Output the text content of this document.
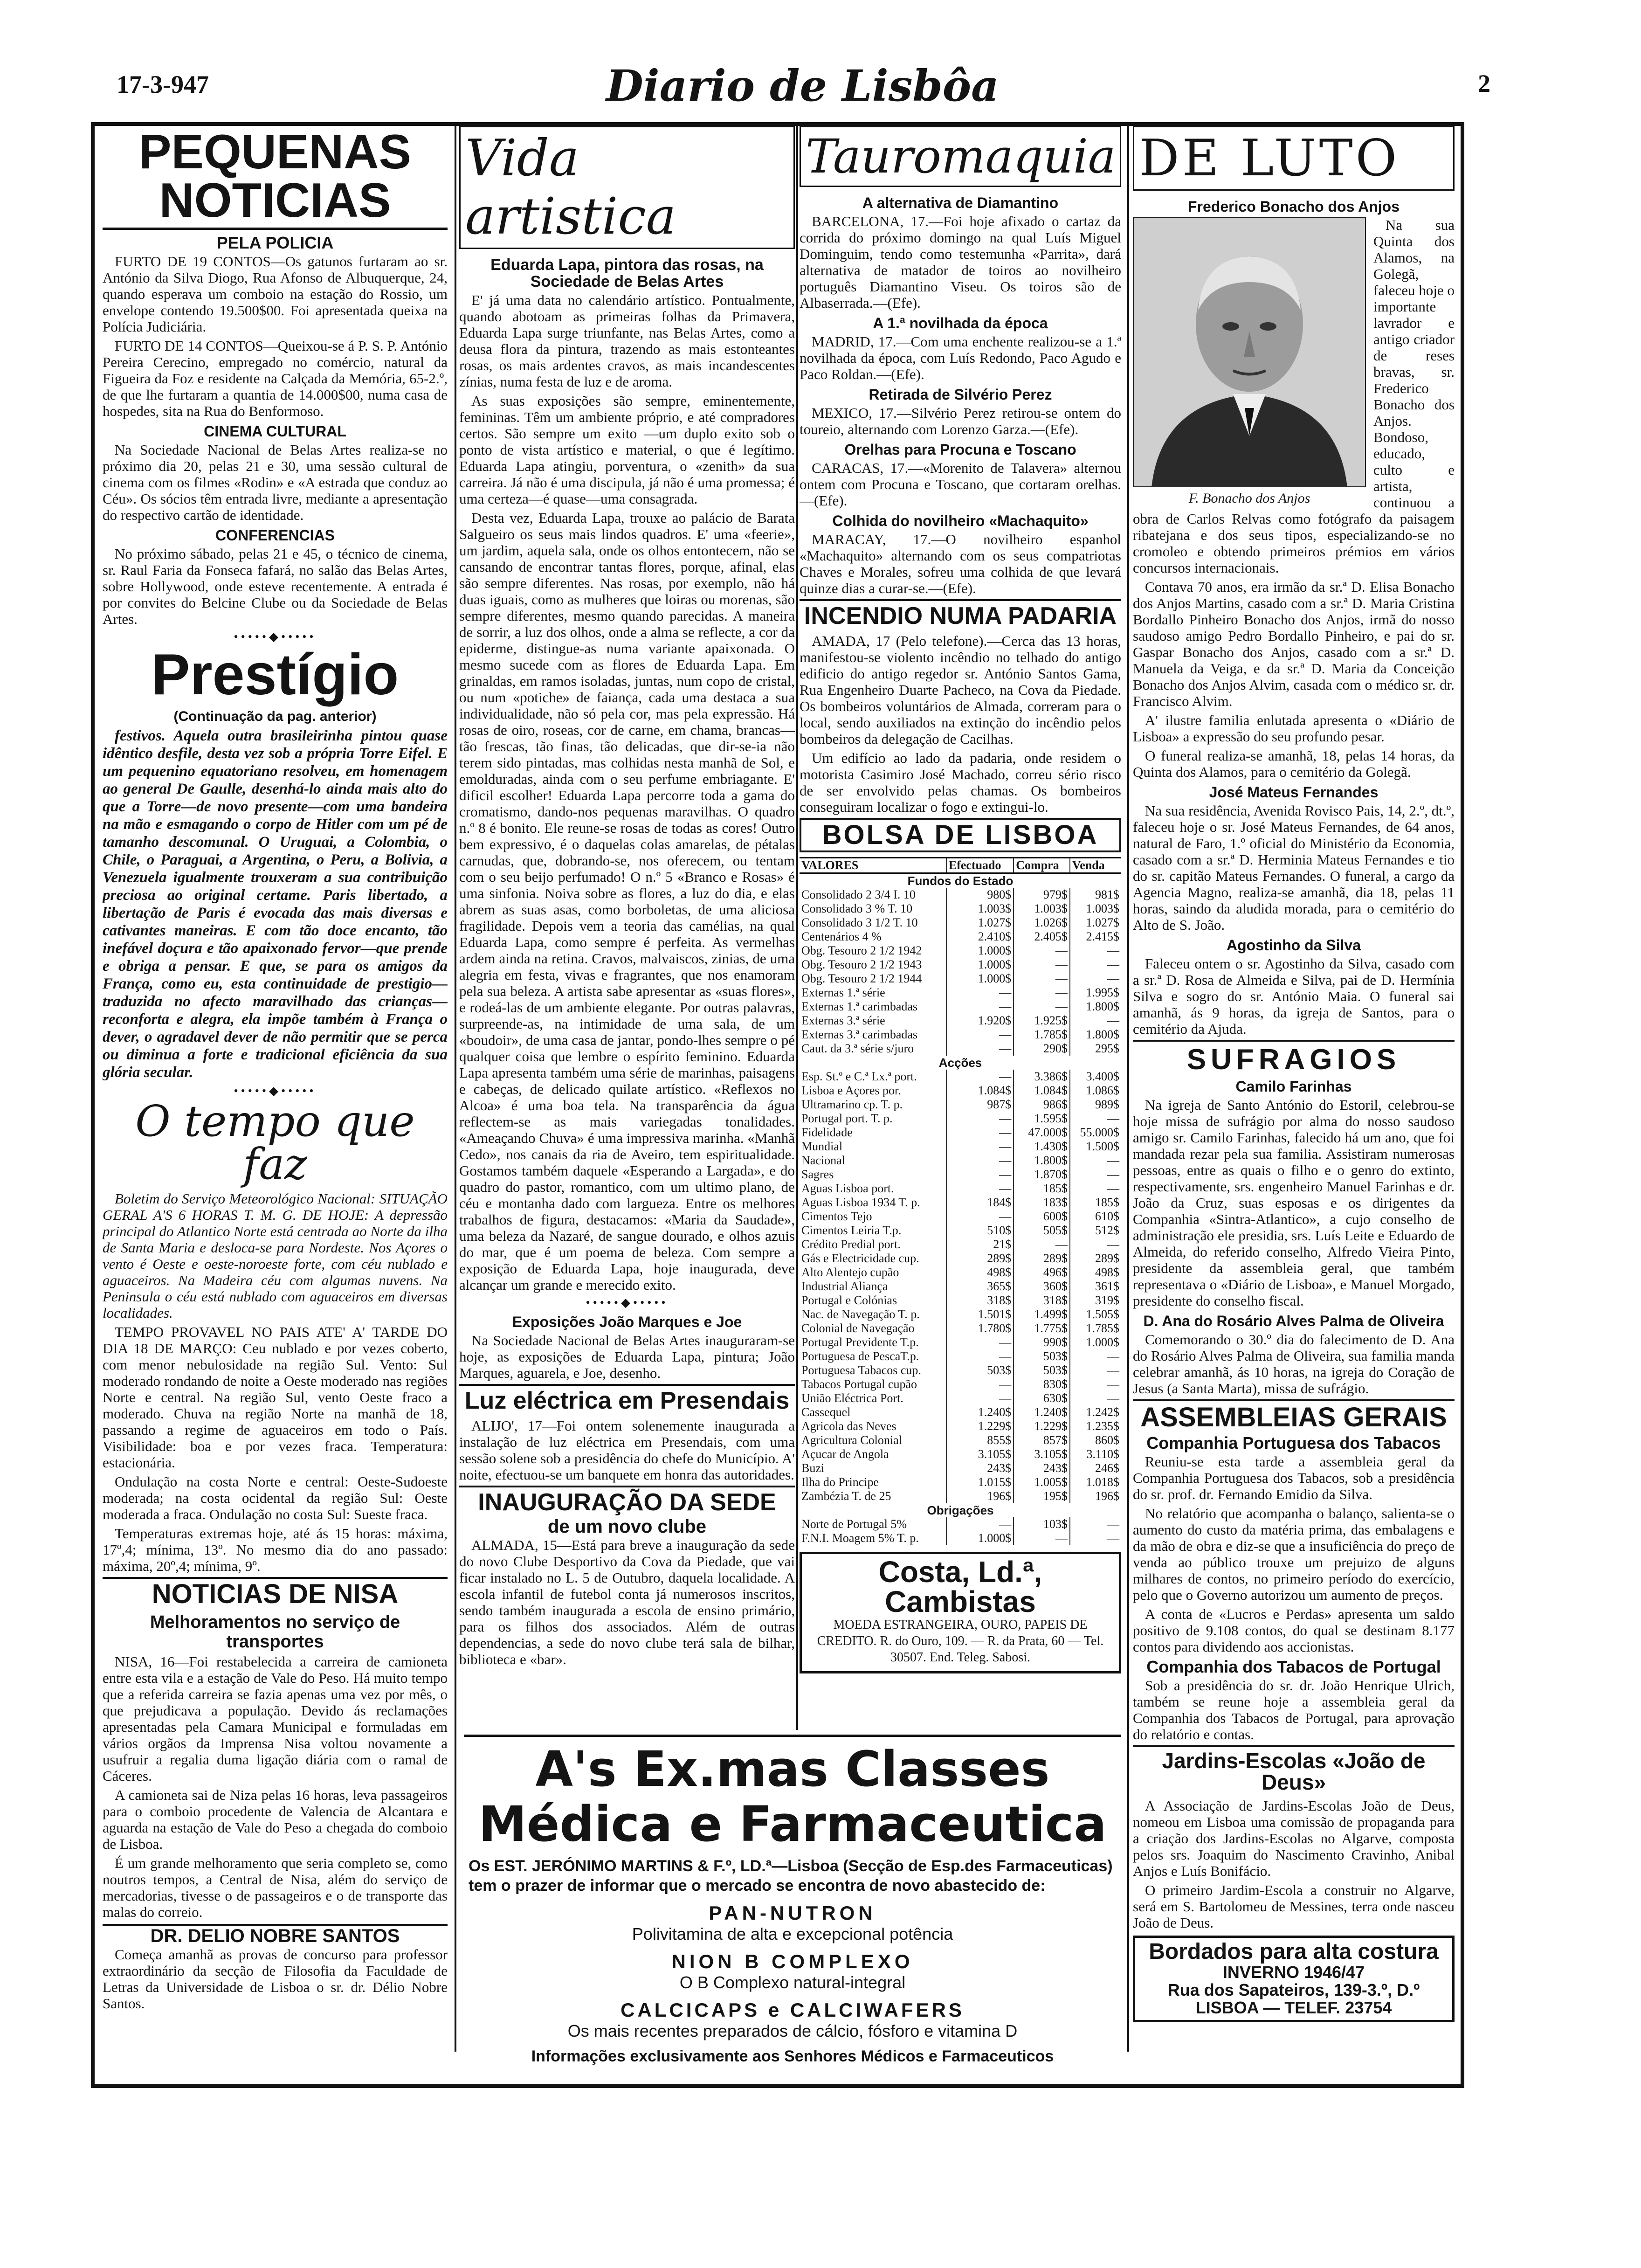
17-3-947	Diario de Lisbôa	2
PEQUENAS NOTICIAS
PELA POLICIA

FURTO DE 19 CONTOS—Os gatunos furtaram ao sr. António da Silva Diogo, Rua Afonso de Albuquerque, 24, quando esperava um comboio na estação do Rossio, um envelope contendo 19.500$00. Foi apresentada queixa na Polícia Judiciária.

FURTO DE 14 CONTOS—Queixou-se á P. S. P. António Pereira Cerecino, empregado no comércio, natural da Figueira da Foz e residente na Calçada da Memória, 65-2.º, de que lhe furtaram a quantia de 14.000$00, numa casa de hospedes, sita na Rua do Benformoso.

CINEMA CULTURAL

Na Sociedade Nacional de Belas Artes realiza-se no próximo dia 20, pelas 21 e 30, uma sessão cultural de cinema com os filmes «Rodin» e «A estrada que conduz ao Céu». Os sócios têm entrada livre, mediante a apresentação do respectivo cartão de identidade.

CONFERENCIAS

No próximo sábado, pelas 21 e 45, o técnico de cinema, sr. Raul Faria da Fonseca fafará, no salão das Belas Artes, sobre Hollywood, onde esteve recentemente. A entrada é por convites do Belcine Clube ou da Sociedade de Belas Artes.

•••••◆•••••
Prestígio
(Continuação da pag. anterior)

festivos. Aquela outra brasileirinha pintou quase idêntico desfile, desta vez sob a própria Torre Eifel. E um pequenino equatoriano resolveu, em homenagem ao general De Gaulle, desenhá-lo ainda mais alto do que a Torre—de novo presente—com uma bandeira na mão e esmagando o corpo de Hitler com um pé de tamanho descomunal. O Uruguai, a Colombia, o Chile, o Paraguai, a Argentina, o Peru, a Bolivia, a Venezuela igualmente trouxeram a sua contribuição preciosa ao original certame. Paris libertado, a libertação de Paris é evocada das mais diversas e cativantes maneiras. E com tão doce encanto, tão inefável doçura e tão apaixonado fervor—que prende e obriga a pensar. E que, se para os amigos da França, como eu, esta continuidade de prestigio—traduzida no afecto maravilhado das crianças—reconforta e alegra, ela impõe também à França o dever, o agradavel dever de não permitir que se perca ou diminua a forte e tradicional eficiência da sua glória secular.

•••••◆•••••
O tempo que faz

Boletim do Serviço Meteorológico Nacional: SITUAÇÃO GERAL A'S 6 HORAS T. M. G. DE HOJE: A depressão principal do Atlantico Norte está centrada ao Norte da ilha de Santa Maria e desloca-se para Nordeste. Nos Açores o vento é Oeste e oeste-noroeste forte, com céu nublado e aguaceiros. Na Madeira céu com algumas nuvens. Na Peninsula o céu está nublado com aguaceiros em diversas localidades.

TEMPO PROVAVEL NO PAIS ATE' A' TARDE DO DIA 18 DE MARÇO: Ceu nublado e por vezes coberto, com menor nebulosidade na região Sul. Vento: Sul moderado rondando de noite a Oeste moderado nas regiões Norte e central. Na região Sul, vento Oeste fraco a moderado. Chuva na região Norte na manhã de 18, passando a regime de aguaceiros em todo o País. Visibilidade: boa e por vezes fraca. Temperatura: estacionária.

Ondulação na costa Norte e central: Oeste-Sudoeste moderada; na costa ocidental da região Sul: Oeste moderada a fraca. Ondulação no costa Sul: Sueste fraca.

Temperaturas extremas hoje, até ás 15 horas: máxima, 17º,4; mínima, 13º. No mesmo dia do ano passado: máxima, 20º,4; mínima, 9º.

NOTICIAS DE NISA
Melhoramentos no serviço de transportes

NISA, 16—Foi restabelecida a carreira de camioneta entre esta vila e a estação de Vale do Peso. Há muito tempo que a referida carreira se fazia apenas uma vez por mês, o que prejudicava a população. Devido ás reclamações apresentadas pela Camara Municipal e formuladas em vários orgãos da Imprensa Nisa voltou novamente a usufruir a regalia duma ligação diária com o ramal de Cáceres.

A camioneta sai de Niza pelas 16 horas, leva passageiros para o comboio procedente de Valencia de Alcantara e aguarda na estação de Vale do Peso a chegada do comboio de Lisboa.

É um grande melhoramento que seria completo se, como noutros tempos, a Central de Nisa, além do serviço de mercadorias, tivesse o de passageiros e o de transporte das malas do correio.

DR. DELIO NOBRE SANTOS

Começa amanhã as provas de concurso para professor extraordinário da secção de Filosofia da Faculdade de Letras da Universidade de Lisboa o sr. dr. Délio Nobre Santos.

Vida artistica
Eduarda Lapa, pintora das rosas, na Sociedade de Belas Artes

E' já uma data no calendário artístico. Pontualmente, quando abotoam as primeiras folhas da Primavera, Eduarda Lapa surge triunfante, nas Belas Artes, como a deusa flora da pintura, trazendo as mais estonteantes rosas, os mais ardentes cravos, as mais incandescentes zínias, numa festa de luz e de aroma.

As suas exposições são sempre, eminentemente, femininas. Têm um ambiente próprio, e até compradores certos. São sempre um exito —um duplo exito sob o ponto de vista artístico e material, o que é legítimo. Eduarda Lapa atingiu, porventura, o «zenith» da sua carreira. Já não é uma discipula, já não é uma promessa; é uma certeza—é quase—uma consagrada.

Desta vez, Eduarda Lapa, trouxe ao palácio de Barata Salgueiro os seus mais lindos quadros. E' uma «feerie», um jardim, aquela sala, onde os olhos entontecem, não se cansando de encontrar tantas flores, porque, afinal, elas são sempre diferentes. Nas rosas, por exemplo, não há duas iguais, como as mulheres que loiras ou morenas, são sempre diferentes, mesmo quando parecidas. A maneira de sorrir, a luz dos olhos, onde a alma se reflecte, a cor da epiderme, distingue-as numa variante apaixonada. O mesmo sucede com as flores de Eduarda Lapa. Em grinaldas, em ramos isoladas, juntas, num copo de cristal, ou num «potiche» de faiança, cada uma destaca a sua individualidade, não só pela cor, mas pela expressão. Há rosas de oiro, roseas, cor de carne, em chama, brancas—tão frescas, tão finas, tão delicadas, que dir-se-ia não terem sido pintadas, mas colhidas nesta manhã de Sol, e emolduradas, ainda com o seu perfume embriagante. E' dificil escolher! Eduarda Lapa percorre toda a gama do cromatismo, dando-nos pequenas maravilhas. O quadro n.º 8 é bonito. Ele reune-se rosas de todas as cores! Outro bem expressivo, é o daquelas colas amarelas, de pétalas carnudas, que, dobrando-se, nos oferecem, ou tentam com o seu beijo perfumado! O n.º 5 «Branco e Rosas» é uma sinfonia. Noiva sobre as flores, a luz do dia, e elas abrem as suas asas, como borboletas, de uma aliciosa fragilidade. Depois vem a teoria das camélias, na qual Eduarda Lapa, como sempre é perfeita. As vermelhas ardem ainda na retina. Cravos, malvaiscos, zinias, de uma alegria em festa, vivas e fragrantes, que nos enamoram pela sua beleza. A artista sabe apresentar as «suas flores», e rodeá-las de um ambiente elegante. Por outras palavras, surpreende-as, na intimidade de uma sala, de um «boudoir», de uma casa de jantar, pondo-lhes sempre o pé qualquer coisa que lembre o espírito feminino. Eduarda Lapa apresenta também uma série de marinhas, paisagens e cabeças, de delicado quilate artístico. «Reflexos no Alcoa» é uma boa tela. Na transparência da água reflectem-se as mais variegadas tonalidades. «Ameaçando Chuva» é uma impressiva marinha. «Manhã Cedo», nos canais da ria de Aveiro, tem espiritualidade. Gostamos também daquele «Esperando a Largada», e do quadro do pastor, romantico, com um ultimo plano, de céu e montanha dado com largueza. Entre os melhores trabalhos de figura, destacamos: «Maria da Saudade», uma beleza da Nazaré, de sangue dourado, e olhos azuis do mar, que é um poema de beleza. Com sempre a exposição de Eduarda Lapa, hoje inaugurada, deve alcançar um grande e merecido exito.

•••••◆•••••
Exposições João Marques e Joe

Na Sociedade Nacional de Belas Artes inauguraram-se hoje, as exposições de Eduarda Lapa, pintura; João Marques, aguarela, e Joe, desenho.

Luz eléctrica em Presendais

ALIJO', 17—Foi ontem solenemente inaugurada a instalação de luz eléctrica em Presendais, com uma sessão solene sob a presidência do chefe do Município. A' noite, efectuou-se um banquete em honra das autoridades.

INAUGURAÇÃO DA SEDE
de um novo clube

ALMADA, 15—Está para breve a inauguração da sede do novo Clube Desportivo da Cova da Piedade, que vai ficar instalado no L. 5 de Outubro, daquela localidade. A escola infantil de futebol conta já numerosos inscritos, sendo também inaugurada a escola de ensino primário, para os filhos dos associados. Além de outras dependencias, a sede do novo clube terá sala de bilhar, biblioteca e «bar».

Tauromaquia
A alternativa de Diamantino

BARCELONA, 17.—Foi hoje afixado o cartaz da corrida do próximo domingo na qual Luís Miguel Dominguim, tendo como testemunha «Parrita», dará alternativa de matador de toiros ao novilheiro português Diamantino Viseu. Os toiros são de Albaserrada.—(Efe).

A 1.ª novilhada da época

MADRID, 17.—Com uma enchente realizou-se a 1.ª novilhada da época, com Luís Redondo, Paco Agudo e Paco Roldan.—(Efe).

Retirada de Silvério Perez

MEXICO, 17.—Silvério Perez retirou-se ontem do toureio, alternando com Lorenzo Garza.—(Efe).

Orelhas para Procuna e Toscano

CARACAS, 17.—«Morenito de Talavera» alternou ontem com Procuna e Toscano, que cortaram orelhas.—(Efe).

Colhida do novilheiro «Machaquito»

MARACAY, 17.—O novilheiro espanhol «Machaquito» alternando com os seus compatriotas Chaves e Morales, sofreu uma colhida de que levará quinze dias a curar-se.—(Efe).

INCENDIO NUMA PADARIA

AMADA, 17 (Pelo telefone).—Cerca das 13 horas, manifestou-se violento incêndio no telhado do antigo edificio do antigo regedor sr. António Santos Gama, Rua Engenheiro Duarte Pacheco, na Cova da Piedade. Os bombeiros voluntários de Almada, correram para o local, sendo auxiliados na extinção do incêndio pelos bombeiros da delegação de Cacilhas.

Um edifício ao lado da padaria, onde residem o motorista Casimiro José Machado, correu sério risco de ser envolvido pelas chamas. Os bombeiros conseguiram localizar o fogo e extingui-lo.

BOLSA DE LISBOA
VALORES	Efectuado	Compra	Venda
Fundos do Estado			
Consolidado 2 3/4 I. 10	980$	979$	981$
Consolidado 3 % T. 10	1.003$	1.003$	1.003$
Consolidado 3 1/2 T. 10	1.027$	1.026$	1.027$
Centenários 4 %	2.410$	2.405$	2.415$
Obg. Tesouro 2 1/2 1942	1.000$	—	—
Obg. Tesouro 2 1/2 1943	1.000$	—	—
Obg. Tesouro 2 1/2 1944	1.000$	—	—
Externas 1.ª série	—	—	1.995$
Externas 1.ª carimbadas	—	—	1.800$
Externas 3.ª série	1.920$	1.925$	—
Externas 3.ª carimbadas	—	1.785$	1.800$
Caut. da 3.ª série s/juro	—	290$	295$
Acções			
Esp. St.º e C.ª Lx.ª port.	—	3.386$	3.400$
Lisboa e Açores por.	1.084$	1.084$	1.086$
Ultramarino cp. T. p.	987$	986$	989$
Portugal port. T. p.	—	1.595$	—
Fidelidade	—	47.000$	55.000$
Mundial	—	1.430$	1.500$
Nacional	—	1.800$	—
Sagres	—	1.870$	—
Aguas Lisboa port.	—	185$	—
Aguas Lisboa 1934 T. p.	184$	183$	185$
Cimentos Tejo	—	600$	610$
Cimentos Leiria T.p.	510$	505$	512$
Crédito Predial port.	21$	—	—
Gás e Electricidade cup.	289$	289$	289$
Alto Alentejo cupão	498$	496$	498$
Industrial Aliança	365$	360$	361$
Portugal e Colónias	318$	318$	319$
Nac. de Navegação T. p.	1.501$	1.499$	1.505$
Colonial de Navegação	1.780$	1.775$	1.785$
Portugal Previdente T.p.	—	990$	1.000$
Portuguesa de PescaT.p.	—	503$	—
Portuguesa Tabacos cup.	503$	503$	—
Tabacos Portugal cupão	—	830$	—
União Eléctrica Port.	—	630$	—
Cassequel	1.240$	1.240$	1.242$
Agricola das Neves	1.229$	1.229$	1.235$
Agricultura Colonial	855$	857$	860$
Açucar de Angola	3.105$	3.105$	3.110$
Buzi	243$	243$	246$
Ilha do Principe	1.015$	1.005$	1.018$
Zambézia T. de 25	196$	195$	196$
Obrigações			
Norte de Portugal 5%	—	103$	—
F.N.I. Moagem 5% T. p.	1.000$	—	—
Costa, Ld.ª, Cambistas

MOEDA ESTRANGEIRA, OURO, PAPEIS DE CREDITO. R. do Ouro, 109. — R. da Prata, 60 — Tel. 30507. End. Teleg. Sabosi.

DE LUTO
Frederico Bonacho dos Anjos
F. Bonacho dos Anjos

Na sua Quinta dos Alamos, na Golegã, faleceu hoje o importante lavrador e antigo criador de reses bravas, sr. Frederico Bonacho dos Anjos. Bondoso, educado, culto e artista, continuou a obra de Carlos Relvas como fotógrafo da paisagem ribatejana e dos seus tipos, especializando-se no cromoleo e obtendo primeiros prémios em vários concursos internacionais.

Contava 70 anos, era irmão da sr.ª D. Elisa Bonacho dos Anjos Martins, casado com a sr.ª D. Maria Cristina Bordallo Pinheiro Bonacho dos Anjos, irmã do nosso saudoso amigo Pedro Bordallo Pinheiro, e pai do sr. Gaspar Bonacho dos Anjos, casado com a sr.ª D. Manuela da Veiga, e da sr.ª D. Maria da Conceição Bonacho dos Anjos Alvim, casada com o médico sr. dr. Francisco Alvim.

A' ilustre familia enlutada apresenta o «Diário de Lisboa» a expressão do seu profundo pesar.

O funeral realiza-se amanhã, 18, pelas 14 horas, da Quinta dos Alamos, para o cemitério da Golegã.

José Mateus Fernandes

Na sua residência, Avenida Rovisco Pais, 14, 2.º, dt.º, faleceu hoje o sr. José Mateus Fernandes, de 64 anos, natural de Faro, 1.º oficial do Ministério da Economia, casado com a sr.ª D. Herminia Mateus Fernandes e tio do sr. capitão Mateus Fernandes. O funeral, a cargo da Agencia Magno, realiza-se amanhã, dia 18, pelas 11 horas, saindo da aludida morada, para o cemitério do Alto de S. João.

Agostinho da Silva

Faleceu ontem o sr. Agostinho da Silva, casado com a sr.ª D. Rosa de Almeida e Silva, pai de D. Hermínia Silva e sogro do sr. António Maia. O funeral sai amanhã, ás 9 horas, da igreja de Santos, para o cemitério da Ajuda.

SUFRAGIOS
Camilo Farinhas

Na igreja de Santo António do Estoril, celebrou-se hoje missa de sufrágio por alma do nosso saudoso amigo sr. Camilo Farinhas, falecido há um ano, que foi mandada rezar pela sua familia. Assistiram numerosas pessoas, entre as quais o filho e o genro do extinto, respectivamente, srs. engenheiro Manuel Farinhas e dr. João da Cruz, suas esposas e os dirigentes da Companhia «Sintra-Atlantico», a cujo conselho de administração ele presidia, srs. Luís Leite e Eduardo de Almeida, do referido conselho, Alfredo Vieira Pinto, presidente da assembleia geral, que também representava o «Diário de Lisboa», e Manuel Morgado, presidente do conselho fiscal.

D. Ana do Rosário Alves Palma de Oliveira

Comemorando o 30.º dia do falecimento de D. Ana do Rosário Alves Palma de Oliveira, sua familia manda celebrar amanhã, ás 10 horas, na igreja do Coração de Jesus (a Santa Marta), missa de sufrágio.

ASSEMBLEIAS GERAIS
Companhia Portuguesa dos Tabacos

Reuniu-se esta tarde a assembleia geral da Companhia Portuguesa dos Tabacos, sob a presidência do sr. prof. dr. Fernando Emidio da Silva.

No relatório que acompanha o balanço, salienta-se o aumento do custo da matéria prima, das embalagens e da mão de obra e diz-se que a insuficiência do preço de venda ao público trouxe um prejuizo de alguns milhares de contos, no primeiro período do exercício, pelo que o Governo autorizou um aumento de preços.

A conta de «Lucros e Perdas» apresenta um saldo positivo de 9.108 contos, do qual se destinam 8.177 contos para dividendo aos accionistas.

Companhia dos Tabacos de Portugal

Sob a presidência do sr. dr. João Henrique Ulrich, também se reune hoje a assembleia geral da Companhia dos Tabacos de Portugal, para aprovação do relatório e contas.

Jardins-Escolas «João de Deus»

A Associação de Jardins-Escolas João de Deus, nomeou em Lisboa uma comissão de propaganda para a criação dos Jardins-Escolas no Algarve, composta pelos srs. Joaquim do Nascimento Cravinho, Anibal Anjos e Luís Bonifácio.

O primeiro Jardim-Escola a construir no Algarve, será em S. Bartolomeu de Messines, terra onde nasceu João de Deus.

Bordados para alta costura
INVERNO 1946/47
Rua dos Sapateiros, 139-3.º, D.º
LISBOA — TELEF. 23754
A's Ex.mas Classes Médica e Farmaceutica
Os EST. JERÓNIMO MARTINS & F.º, LD.ª—Lisboa (Secção de Esp.des Farmaceuticas) tem o prazer de informar que o mercado se encontra de novo abastecido de:
PAN-NUTRON
Polivitamina de alta e excepcional potência
NION B COMPLEXO
O B Complexo natural-integral
CALCICAPS e CALCIWAFERS
Os mais recentes preparados de cálcio, fósforo e vitamina D
Informações exclusivamente aos Senhores Médicos e Farmaceuticos
